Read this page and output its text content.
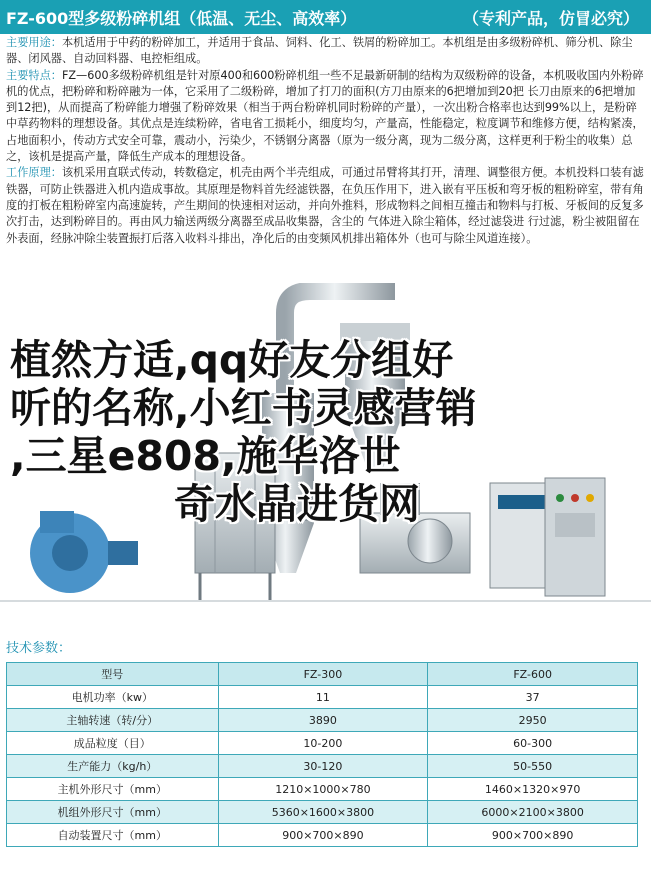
FZ-600型多级粉碎机组（低温、无尘、高效率）	（专利产品，仿冒必究）

主要用途：本机适用于中药的粉碎加工，并适用于食品、饲料、化工、铁屑的粉碎加工。本机组是由多级粉碎机、筛分机、除尘器、闭风器、自动回料器、电控柜组成。

主要特点：FZ—600多级粉碎机组是针对原400和600粉碎机组一些不足最新研制的结构为双级粉碎的设备，本机吸收国内外粉碎机的优点，把粉碎和粉碎融为一体，它采用了二级粉碎，增加了打刀的面积(方刀由原来的6把增加到20把 长刀由原来的6把增加到12把)，从而提高了粉碎能力增强了粉碎效果（相当于两台粉碎机同时粉碎的产量），一次出粉合格率也达到99%以上，是粉碎中草药物料的理想设备。其优点是连续粉碎，省电省工损耗小，细度均匀，产量高，性能稳定，粒度调节和维修方便，结构紧凑，占地面积小，传动方式安全可靠，震动小，污染少，不锈钢分离器（原为一级分离，现为二级分离，这样更利于粉尘的收集）总之，该机是提高产量，降低生产成本的理想设备。

工作原理：该机采用直联式传动，转数稳定，机壳由两个半壳组成，可通过吊臂将其打开，清理、调整很方便。本机投料口装有滤铁器，可防止铁器进入机内造成事故。其原理是物料首先经滤铁器，在负压作用下，进入嵌有平压板和弯牙板的粗粉碎室，带有角度的打板在粗粉碎室内高速旋转，产生期间的快速相对运动，并向外推料，形成物料之间相互撞击和物料与打板、牙板间的反复多次打击，达到粉碎目的。再由风力输送两级分离器至成品收集器，含尘的 气体进入除尘箱体，经过滤袋进 行过滤，粉尘被阻留在外表面，经脉冲除尘装置振打后落入收料斗排出，净化后的由变频风机排出箱体外（也可与除尘风道连接）。

植然方适,qq好友分组好
听的名称,小红书灵感营销
,三星e808,施华洛世
奇水晶进货网
技术参数：
型号	FZ-300	FZ-600
电机功率（kw）	11	37
主轴转速（转/分）	3890	2950
成品粒度（目）	10-200	60-300
生产能力（kg/h）	30-120	50-550
主机外形尺寸（mm）	1210×1000×780	1460×1320×970
机组外形尺寸（mm）	5360×1600×3800	6000×2100×3800
自动装置尺寸（mm）	900×700×890	900×700×890
